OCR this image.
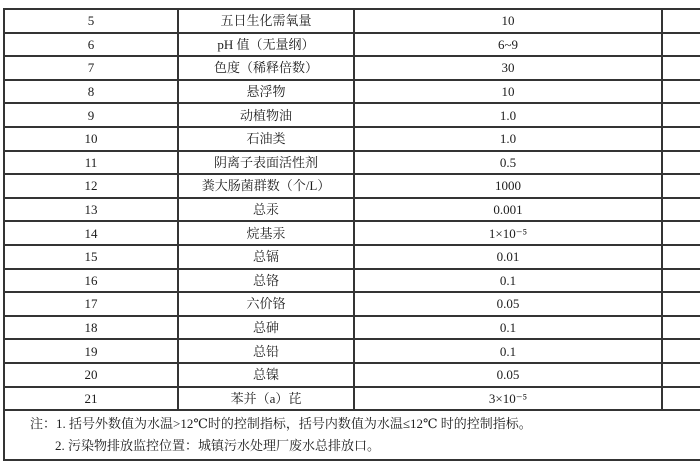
5	五日生化需氧量	10	
6	pH 值（无量纲）	6~9	
7	色度（稀释倍数）	30	
8	悬浮物	10	
9	动植物油	1.0	
10	石油类	1.0	
11	阴离子表面活性剂	0.5	
12	粪大肠菌群数（个/L）	1000	
13	总汞	0.001	
14	烷基汞	1×10⁻⁵	
15	总镉	0.01	
16	总铬	0.1	
17	六价铬	0.05	
18	总砷	0.1	
19	总铅	0.1	
20	总镍	0.05	
21	苯并（a）芘	3×10⁻⁵	
注：1. 括号外数值为水温>12℃时的控制指标，括号内数值为水温≤12℃ 时的控制指标。
2. 污染物排放监控位置：城镇污水处理厂废水总排放口。
